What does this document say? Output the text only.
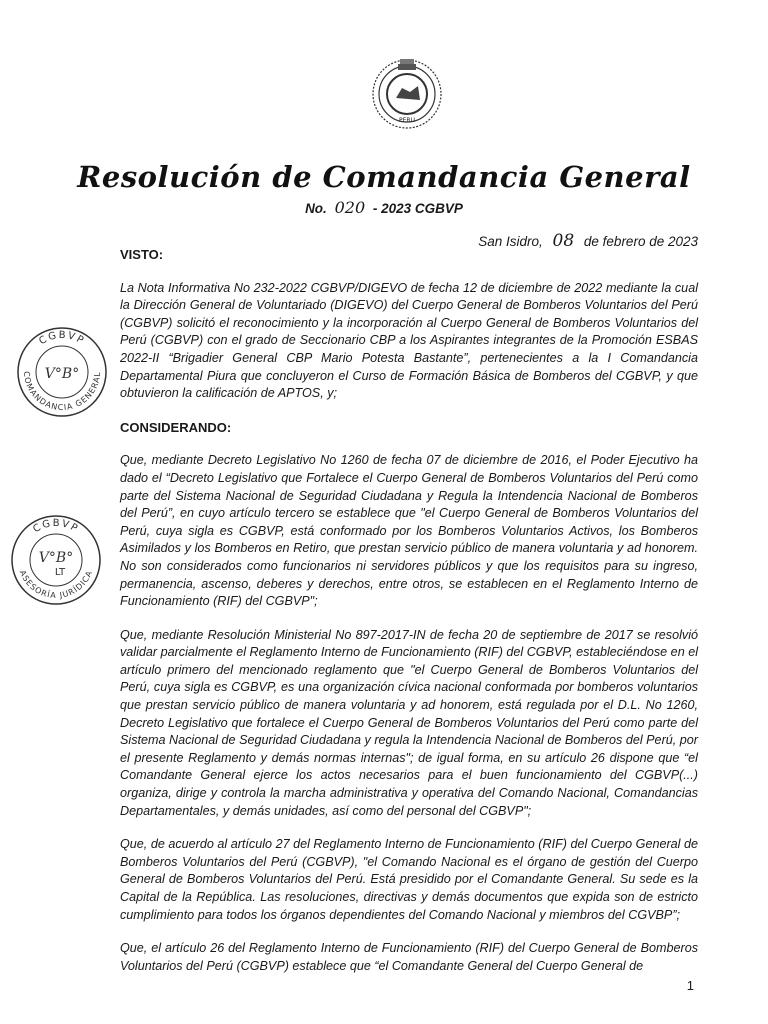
PERU
Resolución de Comandancia General
No. 020 - 2023 CGBVP
San Isidro, 08 de febrero de 2023
CGBVP
COMANDANCIA GENERAL
V°B°
CGBVP
ASESORÍA JURÍDICA
V°B°
LT

VISTO:

La Nota Informativa No 232-2022 CGBVP/DIGEVO de fecha 12 de diciembre de 2022 mediante la cual la Dirección General de Voluntariado (DIGEVO) del Cuerpo General de Bomberos Voluntarios del Perú (CGBVP) solicitó el reconocimiento y la incorporación al Cuerpo General de Bomberos Voluntarios del Perú (CGBVP) con el grado de Seccionario CBP a los Aspirantes integrantes de la Promoción ESBAS 2022-II “Brigadier General CBP Mario Potesta Bastante”, pertenecientes a la I Comandancia Departamental Piura que concluyeron el Curso de Formación Básica de Bomberos del CGBVP, y que obtuvieron la calificación de APTOS, y;

CONSIDERANDO:

Que, mediante Decreto Legislativo No 1260 de fecha 07 de diciembre de 2016, el Poder Ejecutivo ha dado el “Decreto Legislativo que Fortalece el Cuerpo General de Bomberos Voluntarios del Perú como parte del Sistema Nacional de Seguridad Ciudadana y Regula la Intendencia Nacional de Bomberos del Perú”, en cuyo artículo tercero se establece que "el Cuerpo General de Bomberos Voluntarios del Perú, cuya sigla es CGBVP, está conformado por los Bomberos Voluntarios Activos, los Bomberos Asimilados y los Bomberos en Retiro, que prestan servicio público de manera voluntaria y ad honorem. No son considerados como funcionarios ni servidores públicos y que los requisitos para su ingreso, permanencia, ascenso, deberes y derechos, entre otros, se establecen en el Reglamento Interno de Funcionamiento (RIF) del CGBVP";

Que, mediante Resolución Ministerial No 897-2017-IN de fecha 20 de septiembre de 2017 se resolvió validar parcialmente el Reglamento Interno de Funcionamiento (RIF) del CGBVP, estableciéndose en el artículo primero del mencionado reglamento que "el Cuerpo General de Bomberos Voluntarios del Perú, cuya sigla es CGBVP, es una organización cívica nacional conformada por bomberos voluntarios que prestan servicio público de manera voluntaria y ad honorem, está regulada por el D.L. No 1260, Decreto Legislativo que fortalece el Cuerpo General de Bomberos Voluntarios del Perú como parte del Sistema Nacional de Seguridad Ciudadana y regula la Intendencia Nacional de Bomberos del Perú, por el presente Reglamento y demás normas internas"; de igual forma, en su artículo 26 dispone que “el Comandante General ejerce los actos necesarios para el buen funcionamiento del CGBVP(...) organiza, dirige y controla la marcha administrativa y operativa del Comando Nacional, Comandancias Departamentales, y demás unidades, así como del personal del CGBVP";

Que, de acuerdo al artículo 27 del Reglamento Interno de Funcionamiento (RIF) del Cuerpo General de Bomberos Voluntarios del Perú (CGBVP), "el Comando Nacional es el órgano de gestión del Cuerpo General de Bomberos Voluntarios del Perú. Está presidido por el Comandante General. Su sede es la Capital de la República. Las resoluciones, directivas y demás documentos que expida son de estricto cumplimiento para todos los órganos dependientes del Comando Nacional y miembros del CGVBP”;

Que, el artículo 26 del Reglamento Interno de Funcionamiento (RIF) del Cuerpo General de Bomberos Voluntarios del Perú (CGBVP) establece que “el Comandante General del Cuerpo General de

1
